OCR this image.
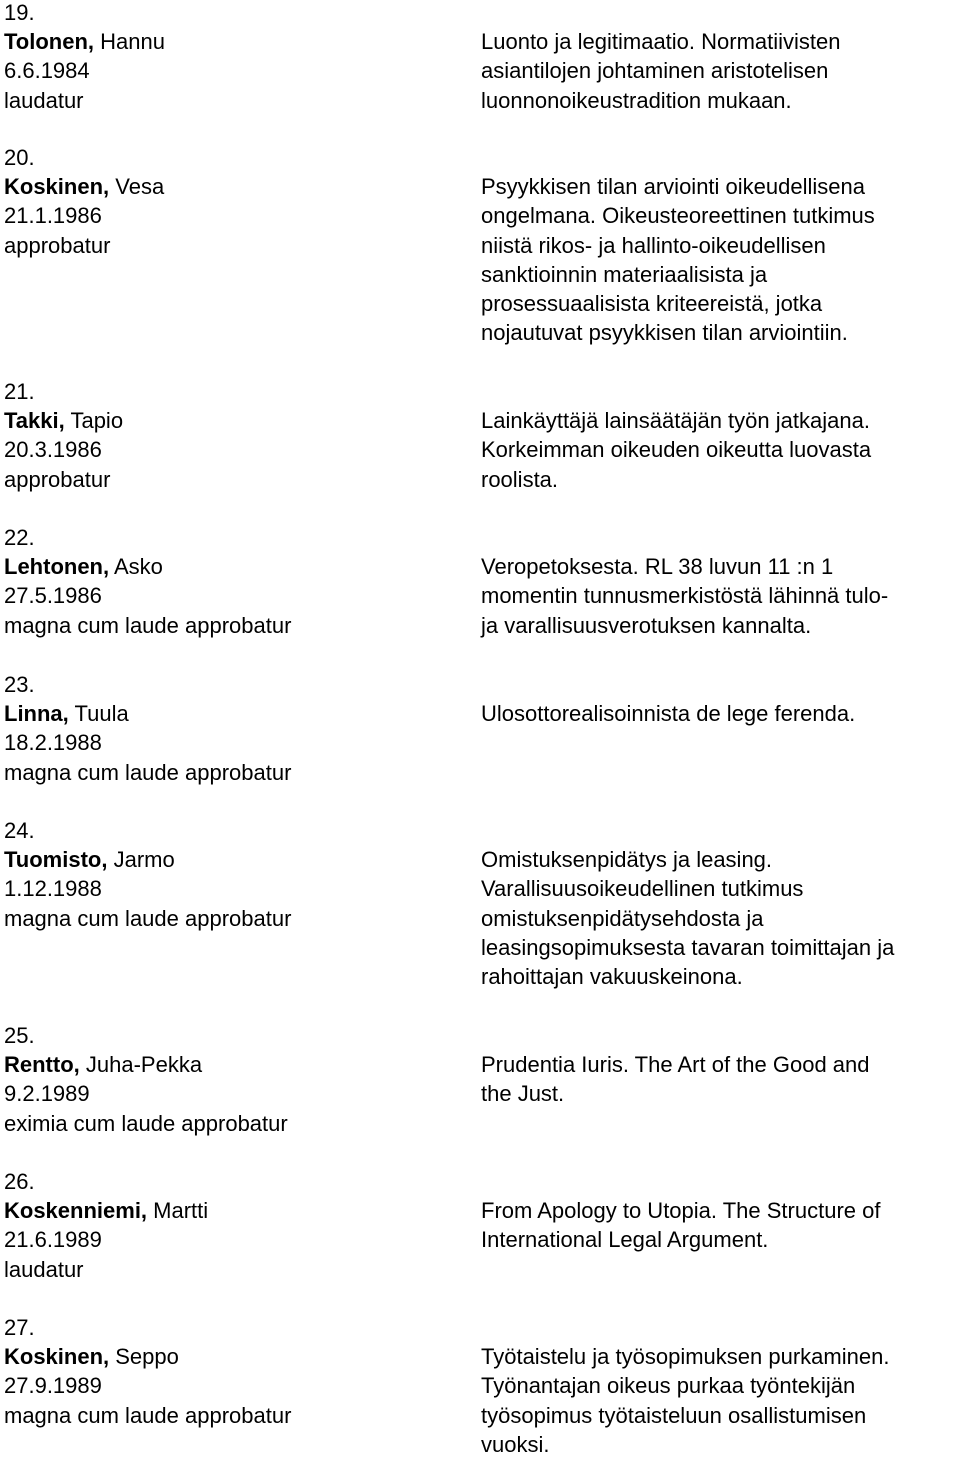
19.
Tolonen, Hannu
6.6.1984
laudatur
Luonto ja legitimaatio. Normatiivisten
asiantilojen johtaminen aristotelisen
luonnonoikeustradition mukaan.
20.
Koskinen, Vesa
21.1.1986
approbatur
Psyykkisen tilan arviointi oikeudellisena
ongelmana. Oikeusteoreettinen tutkimus
niistä rikos- ja hallinto-oikeudellisen
sanktioinnin materiaalisista ja
prosessuaalisista kriteereistä, jotka
nojautuvat psyykkisen tilan arviointiin.
21.
Takki, Tapio
20.3.1986
approbatur
Lainkäyttäjä lainsäätäjän työn jatkajana.
Korkeimman oikeuden oikeutta luovasta
roolista.
22.
Lehtonen, Asko
27.5.1986
magna cum laude approbatur
Veropetoksesta. RL 38 luvun 11 :n 1
momentin tunnusmerkistöstä lähinnä tulo-
ja varallisuusverotuksen kannalta.
23.
Linna, Tuula
18.2.1988
magna cum laude approbatur
Ulosottorealisoinnista de lege ferenda.
24.
Tuomisto, Jarmo
1.12.1988
magna cum laude approbatur
Omistuksenpidätys ja leasing.
Varallisuusoikeudellinen tutkimus
omistuksenpidätysehdosta ja
leasingsopimuksesta tavaran toimittajan ja
rahoittajan vakuuskeinona.
25.
Rentto, Juha-Pekka
9.2.1989
eximia cum laude approbatur
Prudentia Iuris. The Art of the Good and
the Just.
26.
Koskenniemi, Martti
21.6.1989
laudatur
From Apology to Utopia. The Structure of
International Legal Argument.
27.
Koskinen, Seppo
27.9.1989
magna cum laude approbatur
Työtaistelu ja työsopimuksen purkaminen.
Työnantajan oikeus purkaa työntekijän
työsopimus työtaisteluun osallistumisen
vuoksi.
